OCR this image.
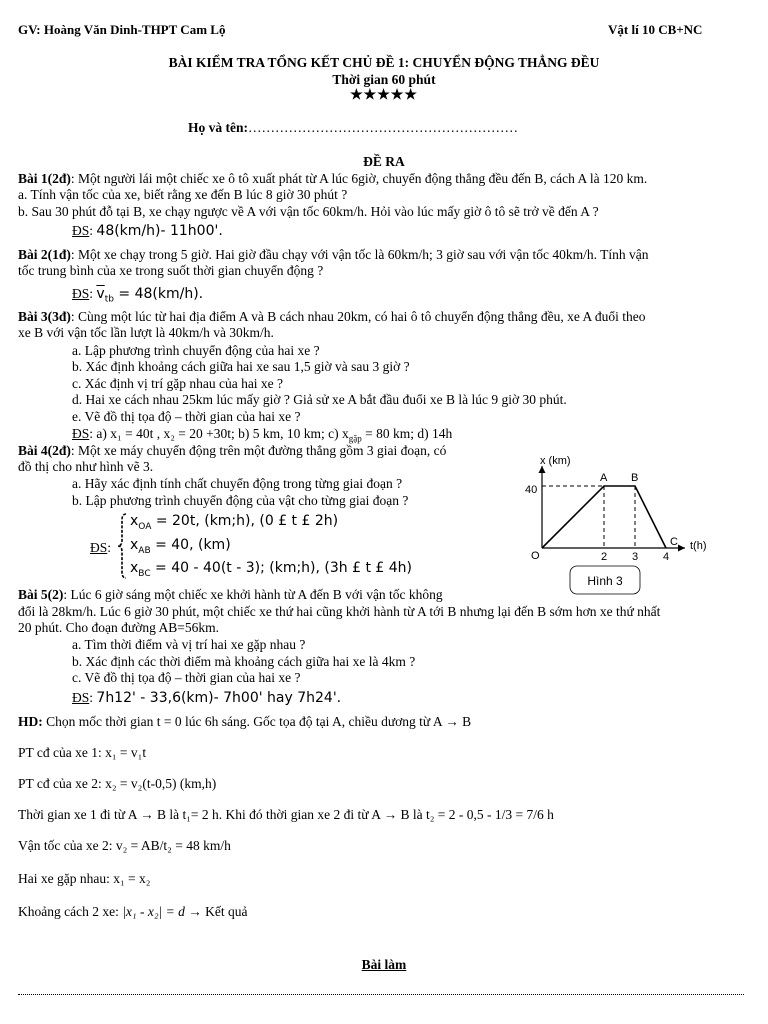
GV: Hoàng Văn Dinh-THPT Cam Lộ	Vật lí 10 CB+NC
BÀI KIỂM TRA TỔNG KẾT CHỦ ĐỀ 1: CHUYỂN ĐỘNG THẲNG ĐỀU
Thời gian 60 phút
★★★★★
Họ và tên:……………………………………………………
ĐỀ RA
Bài 1(2đ): Một người lái một chiếc xe ô tô xuất phát từ A lúc 6giờ, chuyển động thẳng đều đến B, cách A là 120 km.
a. Tính vận tốc của xe, biết rằng xe đến B lúc 8 giờ 30 phút ?
b. Sau 30 phút đỗ tại B, xe chạy ngược về A với vận tốc 60km/h. Hỏi vào lúc mấy giờ ô tô sẽ trở về đến A ?
ĐS: 48(km/h)- 11h00'.
Bài 2(1đ): Một xe chạy trong 5 giờ. Hai giờ đầu chạy với vận tốc là 60km/h; 3 giờ sau với vận tốc 40km/h. Tính vận
tốc trung bình của xe trong suốt thời gian chuyển động ?
ĐS: $\overline{v}_{tb} = 48(km/h)$.
Bài 3(3đ): Cùng một lúc từ hai địa điểm A và B cách nhau 20km, có hai ô tô chuyển động thẳng đều, xe A đuổi theo
xe B với vận tốc lần lượt là 40km/h và 30km/h.
a. Lập phương trình chuyển động của hai xe ?
b. Xác định khoảng cách giữa hai xe sau 1,5 giờ và sau 3 giờ ?
c. Xác định vị trí gặp nhau của hai xe ?
d. Hai xe cách nhau 25km lúc mấy giờ ? Giả sử xe A bắt đầu đuổi xe B là lúc 9 giờ 30 phút.
e. Vẽ đồ thị tọa độ – thời gian của hai xe ?
ĐS: a) x₁ = 40t , x₂ = 20 +30t; b) 5 km, 10 km; c) $x_{gặp} = 80$ km; d) 14h
Bài 4(2đ): Một xe máy chuyển động trên một đường thẳng gồm 3 giai đoạn, có
đồ thị cho như hình vẽ 3.
a. Hãy xác định tính chất chuyển động trong từng giai đoạn ?
b. Lập phương trình chuyển động của vật cho từng giai đoạn ?
ĐS:
$x_{OA} = 20t$, (km;h), (0 £ t £ 2h)
$x_{AB} = 40$, (km)
$x_{BC} = 40 - 40(t - 3)$; (km;h), (3h £ t £ 4h)
x (km)
t(h)
O
40
2 3 4
A B
C
Hình 3
Bài 5(2): Lúc 6 giờ sáng một chiếc xe khởi hành từ A đến B với vận tốc không
đổi là 28km/h. Lúc 6 giờ 30 phút, một chiếc xe thứ hai cũng khởi hành từ A tới B nhưng lại đến B sớm hơn xe thứ nhất
20 phút. Cho đoạn đường AB=56km.
a. Tìm thời điểm và vị trí hai xe gặp nhau ?
b. Xác định các thời điểm mà khoảng cách giữa hai xe là 4km ?
c. Vẽ đồ thị tọa độ – thời gian của hai xe ?
ĐS: 7h12' - 33,6(km)- 7h00' hay 7h24'.
HD: Chọn mốc thời gian t = 0 lúc 6h sáng. Gốc tọa độ tại A, chiều dương từ A → B
PT cđ của xe 1: x₁ = v₁t
PT cđ của xe 2: x₂ = v₂(t-0,5) (km,h)
Thời gian xe 1 đi từ A → B là t₁= 2 h. Khi đó thời gian xe 2 đi từ A → B là t₂ = 2 - 0,5 - 1/3 = 7/6 h
Vận tốc của xe 2: v₂ = AB/t₂ = 48 km/h
Hai xe gặp nhau: x₁ = x₂
Khoảng cách 2 xe: |x₁ - x₂| = d → Kết quả
Bài làm
